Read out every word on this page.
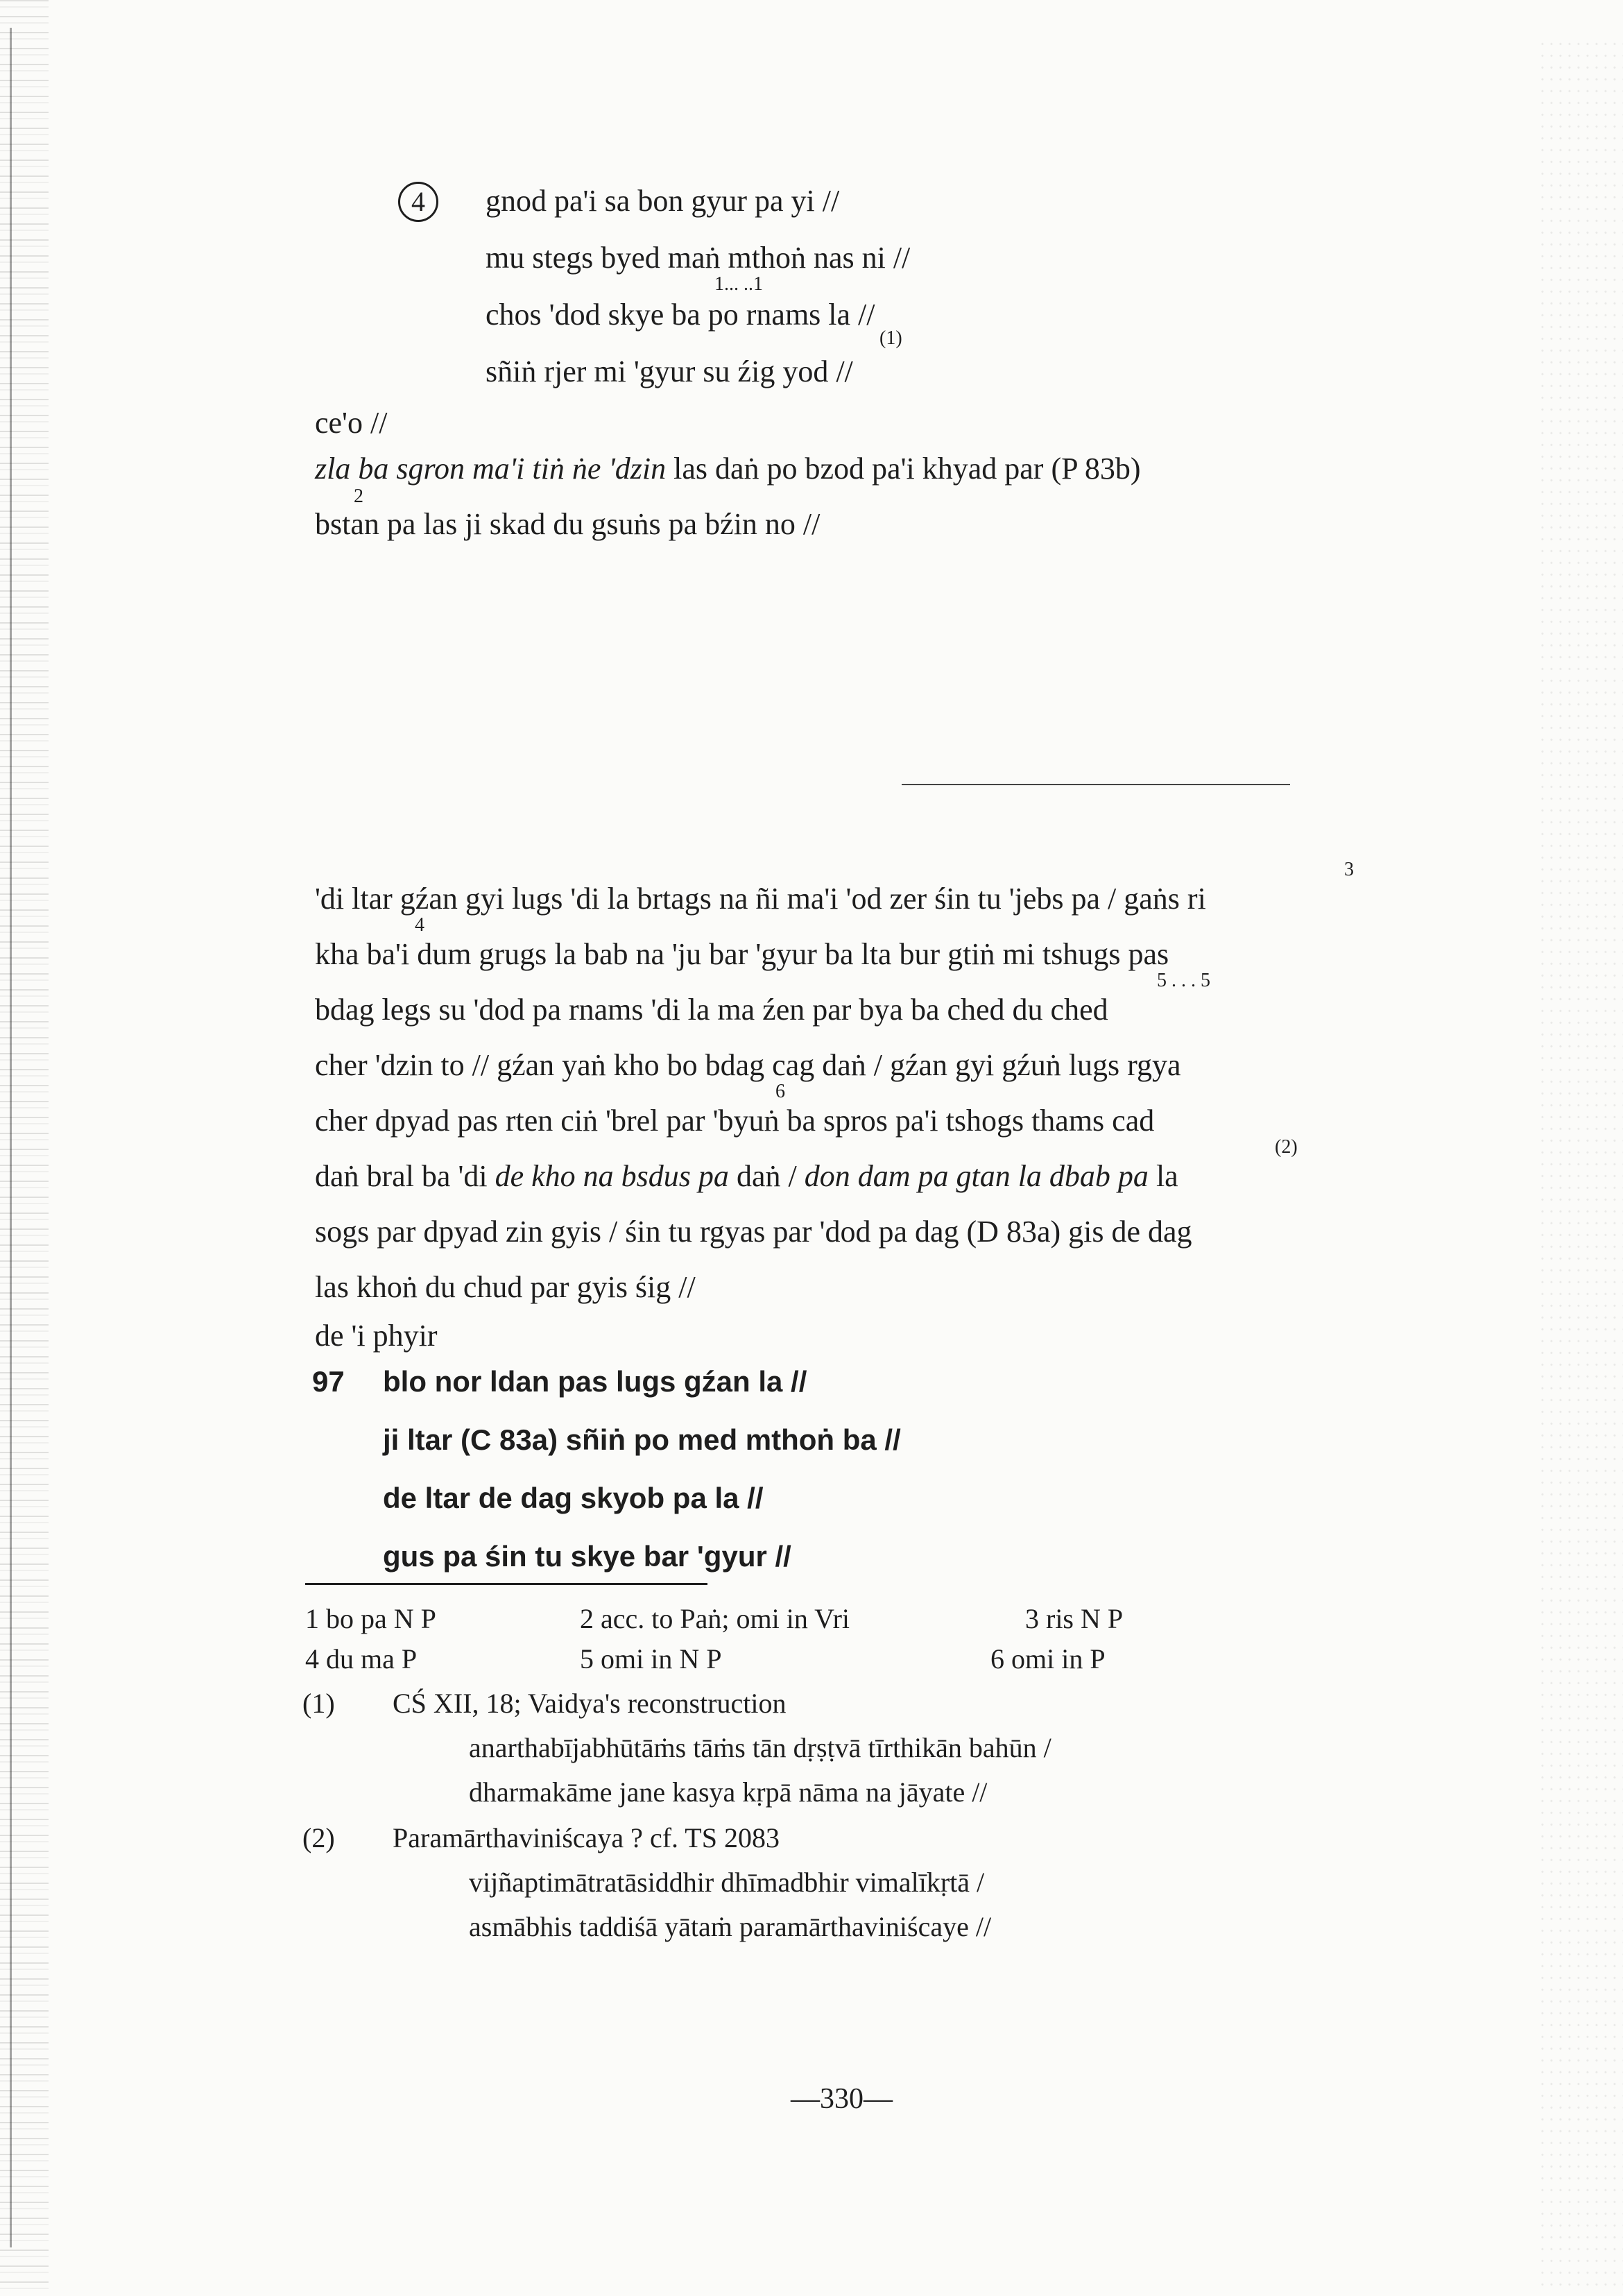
4	gnod pa'i sa bon gyur pa yi //
mu stegs byed maṅ mthoṅ nas ni //
1... ..1
chos 'dod skye ba po rnams la //
(1)
sñiṅ rjer mi 'gyur su źig yod //
ce'o //
zla ba sgron ma'i tiṅ ṅe 'dzin las daṅ po bzod pa'i khyad par (P 83b)
2
bstan pa las ji skad du gsuṅs pa bźin no //
3
'di ltar gźan gyi lugs 'di la brtags na ñi ma'i 'od zer śin tu 'jebs pa / gaṅs ri
4
kha ba'i dum grugs la bab na 'ju bar 'gyur ba lta bur gtiṅ mi tshugs pas
5 . . . 5
bdag legs su 'dod pa rnams 'di la ma źen par bya ba ched du ched
cher 'dzin to // gźan yaṅ kho bo bdag cag daṅ / gźan gyi gźuṅ lugs rgya
6
cher dpyad pas rten ciṅ 'brel par 'byuṅ ba spros pa'i tshogs thams cad
(2)
daṅ bral ba 'di de kho na bsdus pa daṅ / don dam pa gtan la dbab pa la
sogs par dpyad zin gyis / śin tu rgyas par 'dod pa dag (D 83a) gis de dag
las khoṅ du chud par gyis śig //
de 'i phyir
97 blo nor ldan pas lugs gźan la //
ji ltar (C 83a) sñiṅ po med mthoṅ ba //
de ltar de dag skyob pa la //
gus pa śin tu skye bar 'gyur //
1 bo pa N P	2 acc. to Paṅ; omi in Vri	3 ris N P
4 du ma P	5 omi in N P	6 omi in P
(1) CŚ XII, 18; Vaidya's reconstruction
anarthabījabhūtāṁs tāṁs tān dṛṣṭvā tīrthikān bahūn /
dharmakāme jane kasya kṛpā nāma na jāyate //
(2) Paramārthaviniścaya ? cf. TS 2083
vijñaptimātratāsiddhir dhīmadbhir vimalīkṛtā /
asmābhis taddiśā yātaṁ paramārthaviniścaye //
—330—
